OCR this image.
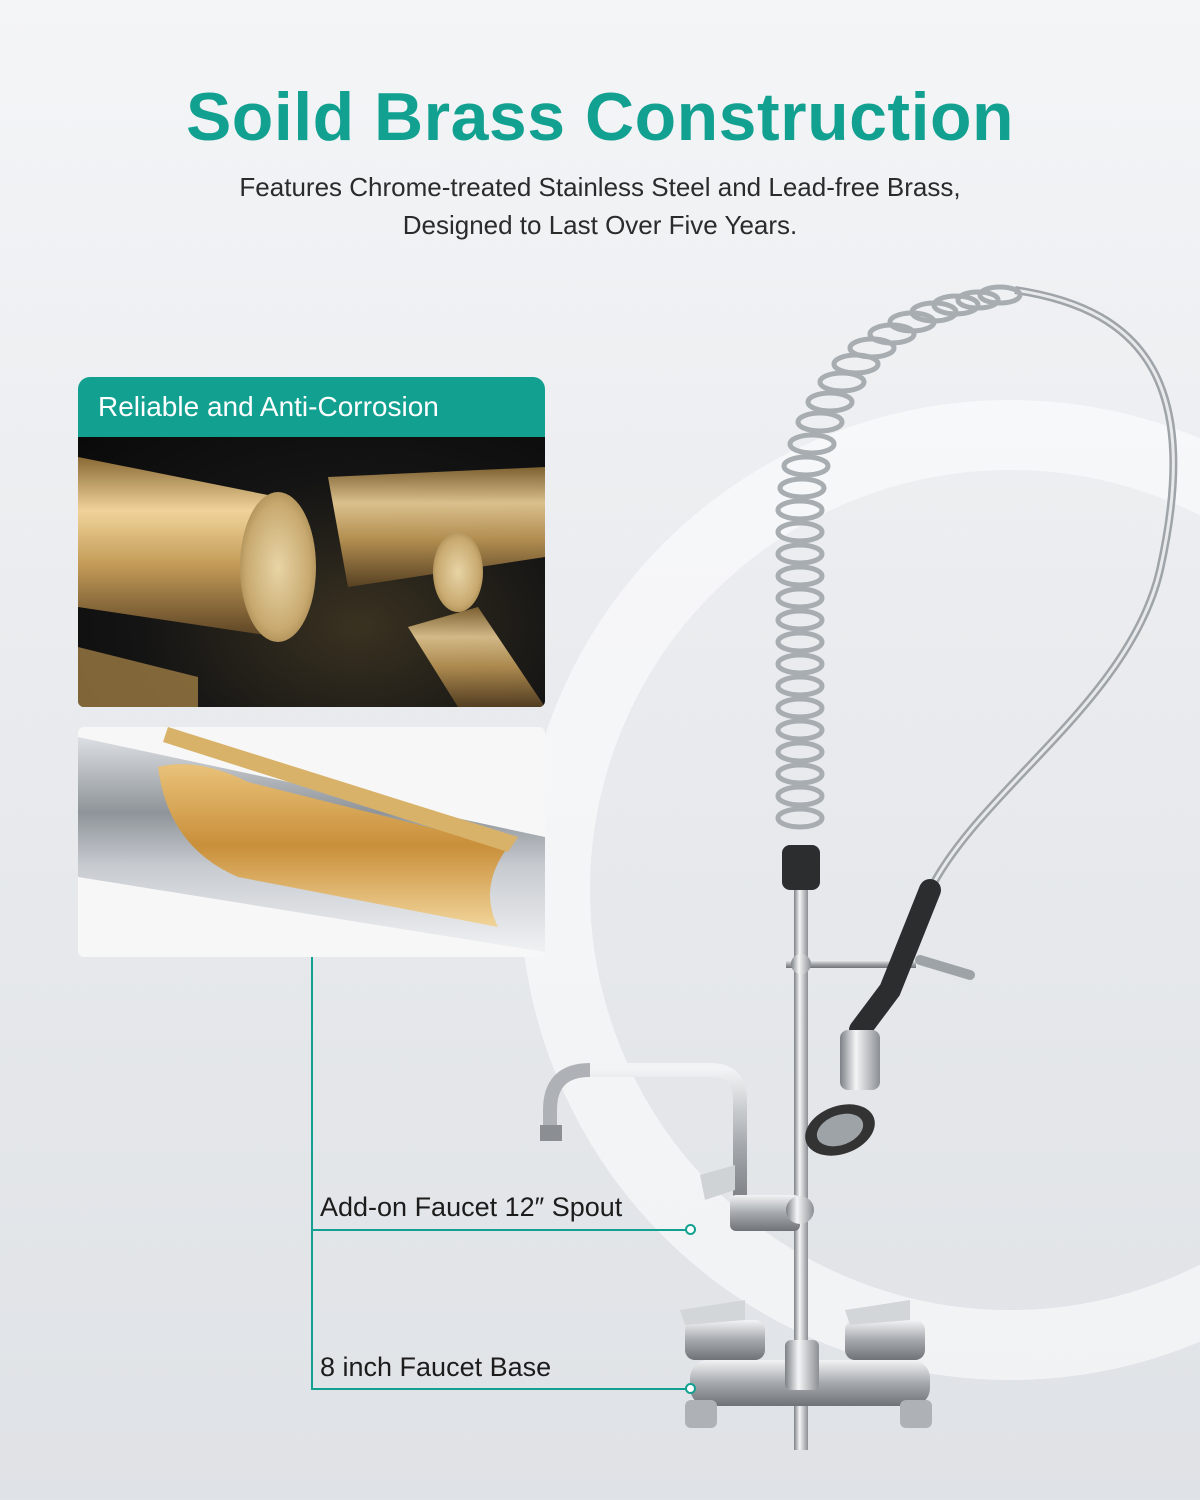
Soild Brass Construction
Features Chrome-treated Stainless Steel and Lead-free Brass,
Designed to Last Over Five Years.
Reliable and Anti-Corrosion
Add-on Faucet 12″ Spout
8 inch Faucet Base
